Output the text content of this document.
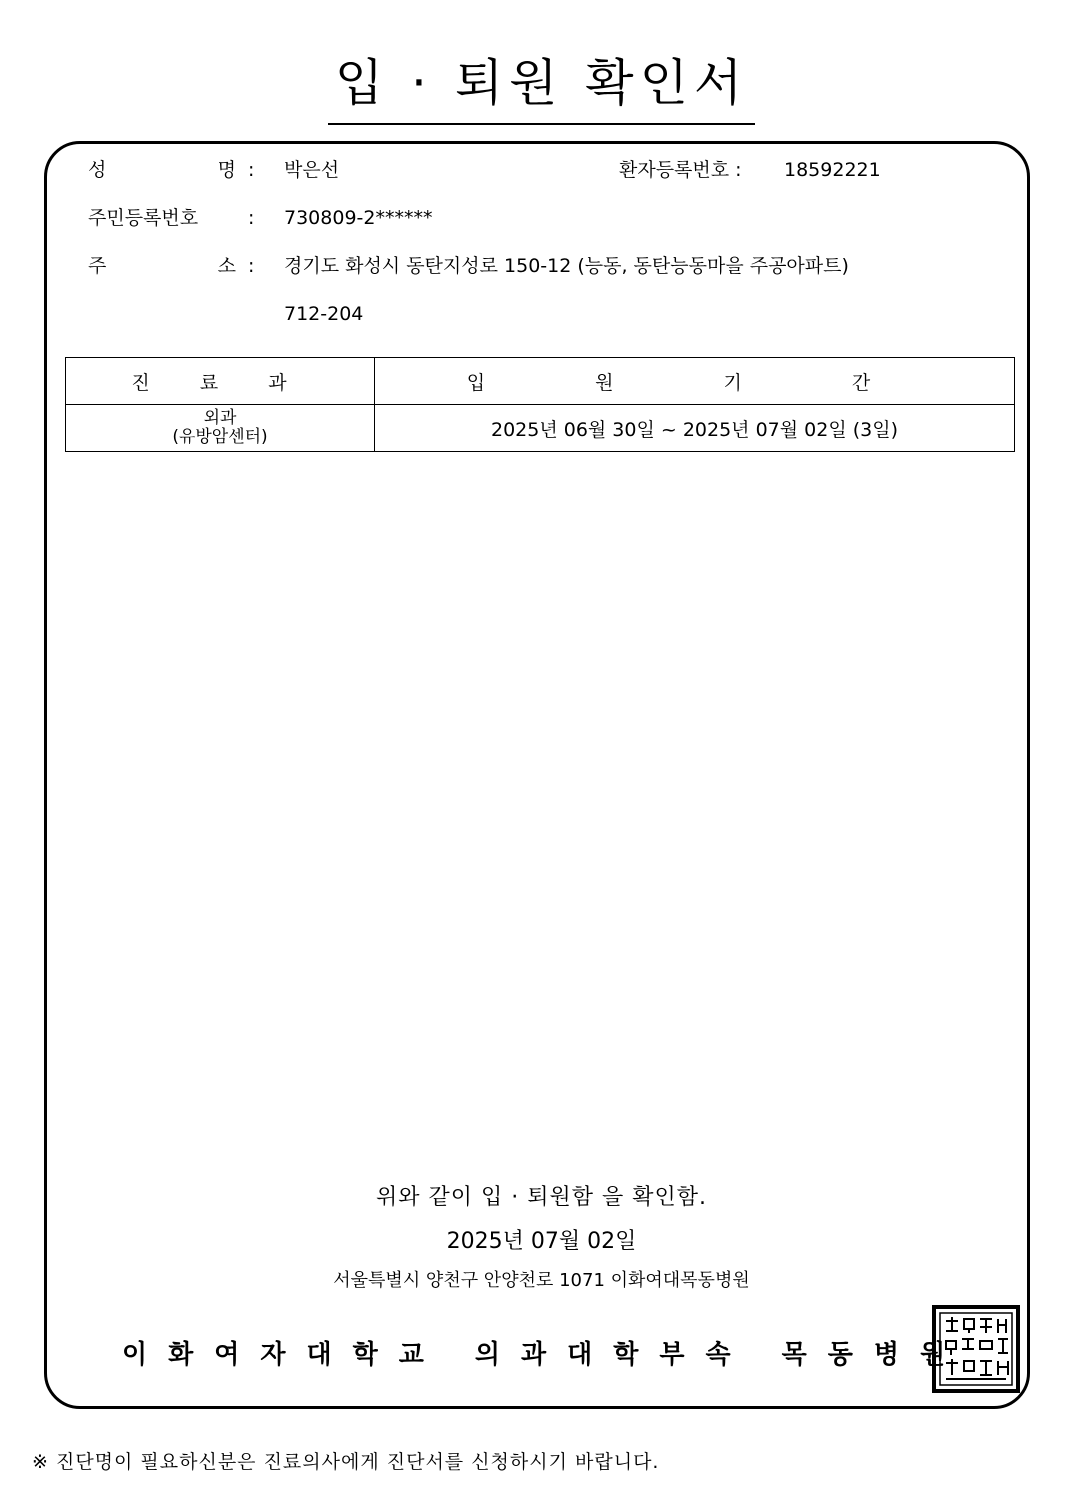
입 · 퇴원 확인서
성 명 : 박은선	환자등록번호 : 18592221
주민등록번호	: 730809-2******
주 소 : 경기도 화성시 동탄지성로 150-12 (능동, 동탄능동마을 주공아파트)
712-204
진 료 과	입 원 기 간

외과
(유방암센터)	2025년 06월 30일 ~ 2025년 07월 02일 (3일)
위와 같이 입 · 퇴원함 을 확인함.
2025년 07월 02일
서울특별시 양천구 안양천로 1071 이화여대목동병원
이화여자대학교 의과대학부속 목동병원
※ 진단명이 필요하신분은 진료의사에게 진단서를 신청하시기 바랍니다.
